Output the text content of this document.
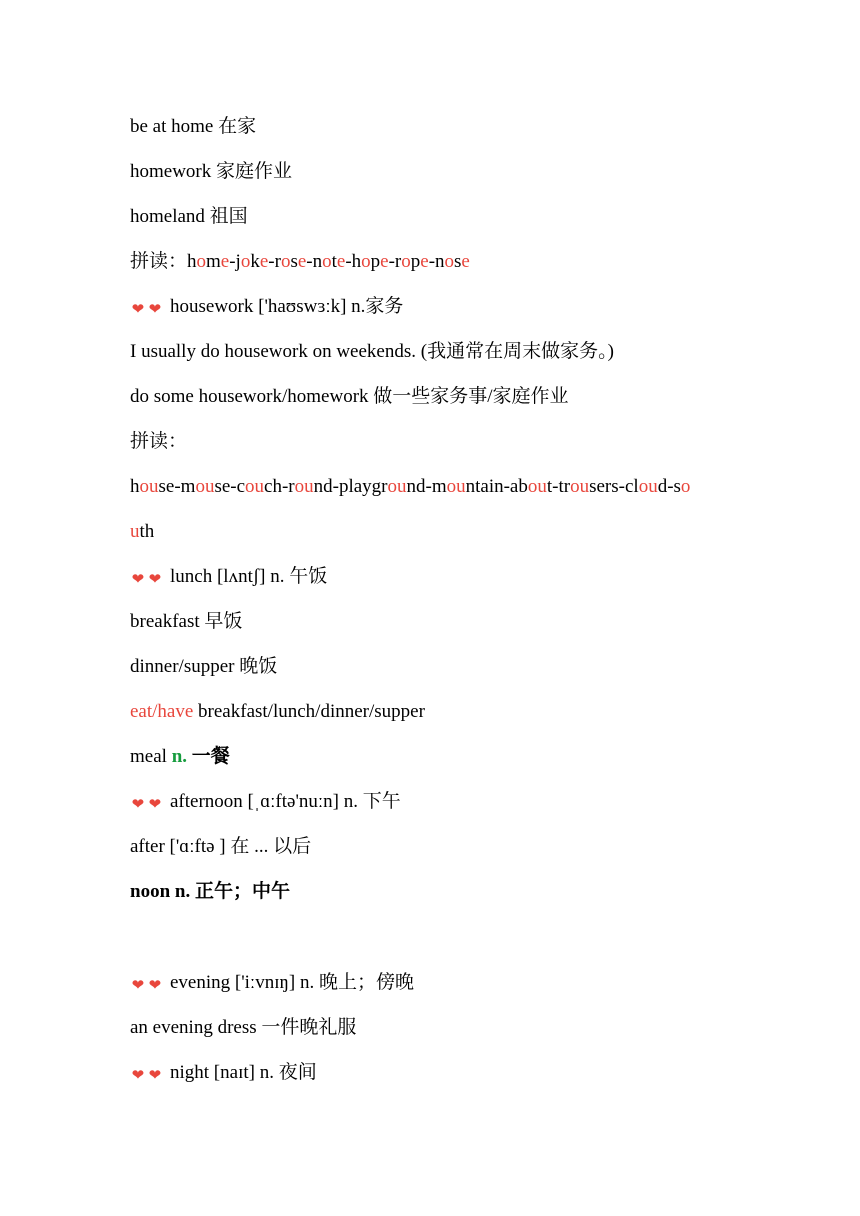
be at home 在家
homework 家庭作业
homeland 祖国
拼读：home-joke-rose-note-hope-rope-nose
❥❥ housework ['haʊswɜːk] n.家务
I usually do housework on weekends. (我通常在周末做家务。)
do some housework/homework 做一些家务事/家庭作业
拼读：
house-mouse-couch-round-playground-mountain-about-trousers-cloud-so
uth
❥❥ lunch [lʌntʃ] n. 午饭
breakfast 早饭
dinner/supper 晚饭
eat/have breakfast/lunch/dinner/supper
meal n. 一餐
❥❥ afternoon [ˌɑːftə'nuːn] n. 下午
after ['ɑːftə ] 在 ... 以后
noon n. 正午；中午
❥❥ evening ['iːvnɪŋ] n. 晚上；傍晚
an evening dress 一件晚礼服
❥❥ night [naɪt] n. 夜间
